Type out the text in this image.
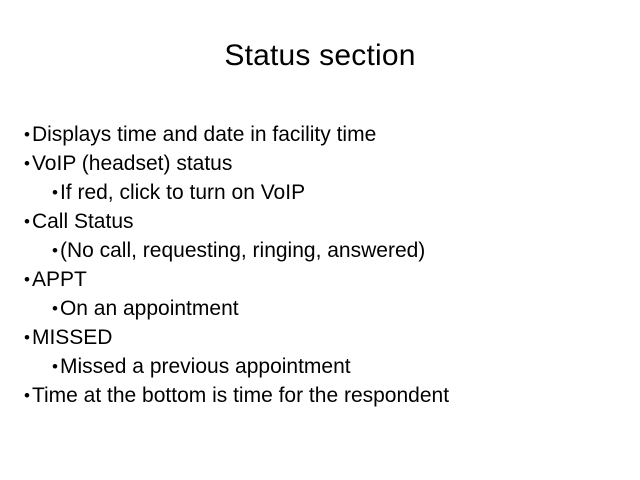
Status section
•Displays time and date in facility time
•VoIP (headset) status
•If red, click to turn on VoIP
•Call Status
•(No call, requesting, ringing, answered)
•APPT
•On an appointment
•MISSED
•Missed a previous appointment
•Time at the bottom is time for the respondent
